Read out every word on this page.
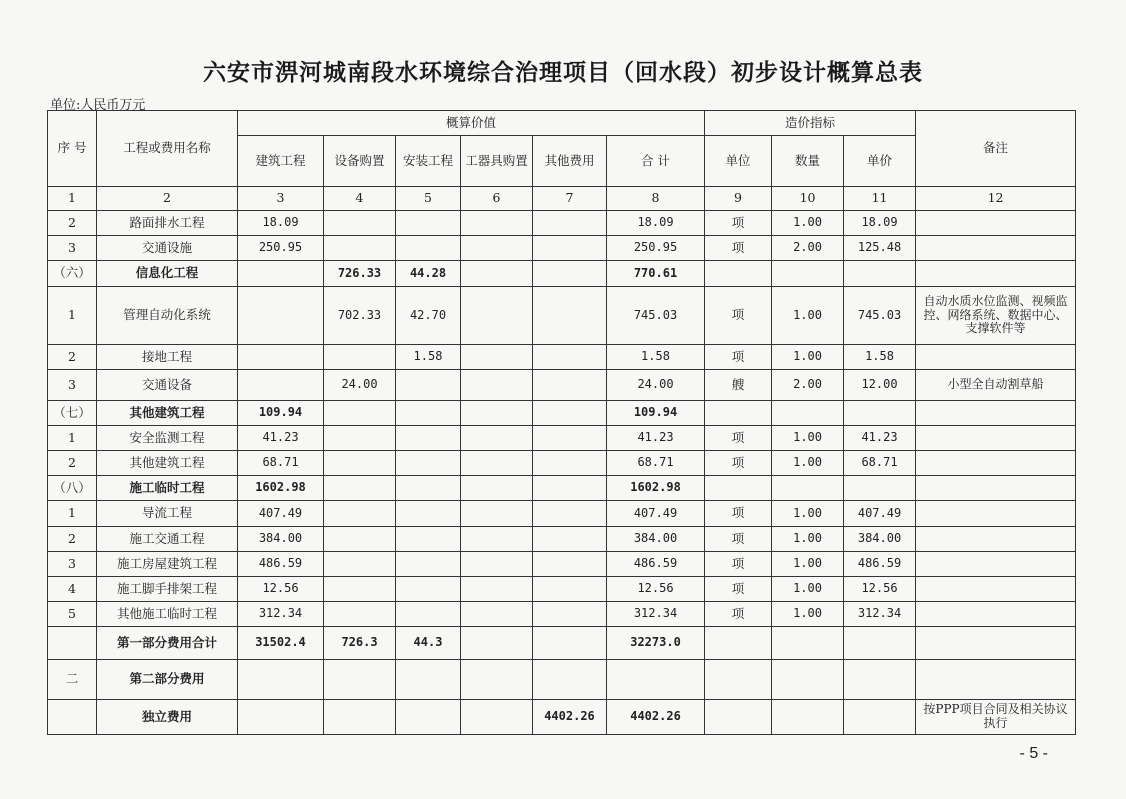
六安市淠河城南段水环境综合治理项目（回水段）初步设计概算总表
单位:人民币万元
序 号	工程或费用名称	概算价值						造价指标			备注
		建筑工程	设备购置	安装工程	工器具购置	其他费用	合 计	单位	数量	单价	
1	2	3	4	5	6	7	8	9	10	11	12
2	路面排水工程	18.09					18.09	项	1.00	18.09	
3	交通设施	250.95					250.95	项	2.00	125.48	
（六）	信息化工程		726.33	44.28			770.61				
1	管理自动化系统		702.33	42.70			745.03	项	1.00	745.03	自动水质水位监测、视频监控、网络系统、数据中心、支撑软件等
2	接地工程			1.58			1.58	项	1.00	1.58	
3	交通设备		24.00				24.00	艘	2.00	12.00	小型全自动割草船
（七）	其他建筑工程	109.94					109.94				
1	安全监测工程	41.23					41.23	项	1.00	41.23	
2	其他建筑工程	68.71					68.71	项	1.00	68.71	
（八）	施工临时工程	1602.98					1602.98				
1	导流工程	407.49					407.49	项	1.00	407.49	
2	施工交通工程	384.00					384.00	项	1.00	384.00	
3	施工房屋建筑工程	486.59					486.59	项	1.00	486.59	
4	施工脚手排架工程	12.56					12.56	项	1.00	12.56	
5	其他施工临时工程	312.34					312.34	项	1.00	312.34	
	第一部分费用合计	31502.4	726.3	44.3			32273.0				
二	第二部分费用										
	独立费用					4402.26	4402.26				按PPP项目合同及相关协议执行
- 5 -
